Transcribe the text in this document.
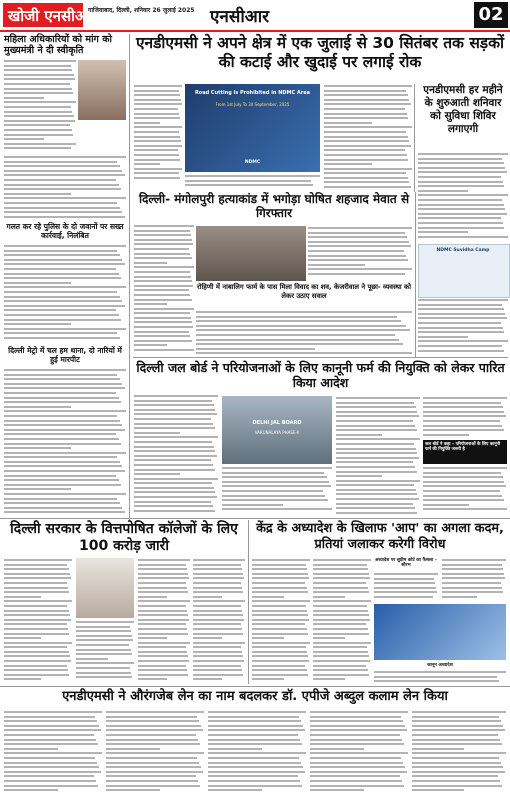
खोजी एनसीआर
गाजियाबाद, दिल्ली, शनिवार 26 जुलाई 2025 एनसीआर	02
महिला अधिकारियों को मांग को मुख्यमंत्री ने दी स्वीकृति
गलत कर रहे पुलिस के दो जवानों पर सख्त कार्रवाई, निलंबित
दिल्ली मेट्रो में चल हम थाना, दो नारियों में हुई मारपीट
एनडीएमसी ने अपने क्षेत्र में एक जुलाई से 30 सितंबर तक सड़कों की कटाई और खुदाई पर लगाई रोक
Road Cutting is Prohibited in NDMC Area
From 1st July To 30 September, 2025
NDMC
दिल्ली- मंगोलपुरी हत्याकांड में भगोड़ा घोषित शहजाद मेवात से गिरफ्तार
रोहिणी में नाबालिग फार्म के पास मिला विवाद का शव, केजरीवाल ने पूछा- व्यवस्था को लेकर उठाए सवाल
एनडीएमसी हर महीने के शुरुआती शनिवार को सुविधा शिविर लगाएगी
NDMC Suvidha Camp
दिल्ली जल बोर्ड ने परियोजनाओं के लिए कानूनी फर्म की नियुक्ति को लेकर पारित किया आदेश
DELHI JAL BOARD
VARUNALAYA PHASE-II
जल बोर्ड ने कहा – परियोजनाओं के लिए कानूनी फर्म की नियुक्ति जरूरी है
दिल्ली सरकार के वित्तपोषित कॉलेजों के लिए 100 करोड़ जारी
केंद्र के अध्यादेश के खिलाफ 'आप' का अगला कदम, प्रतियां जलाकर करेगी विरोध
अध्यादेश पर सुप्रीम कोर्ट का फैसला – सौरभ
कानून अध्यादेश
एनडीएमसी ने औरंगजेब लेन का नाम बदलकर डॉ. एपीजे अब्दुल कलाम लेन किया
